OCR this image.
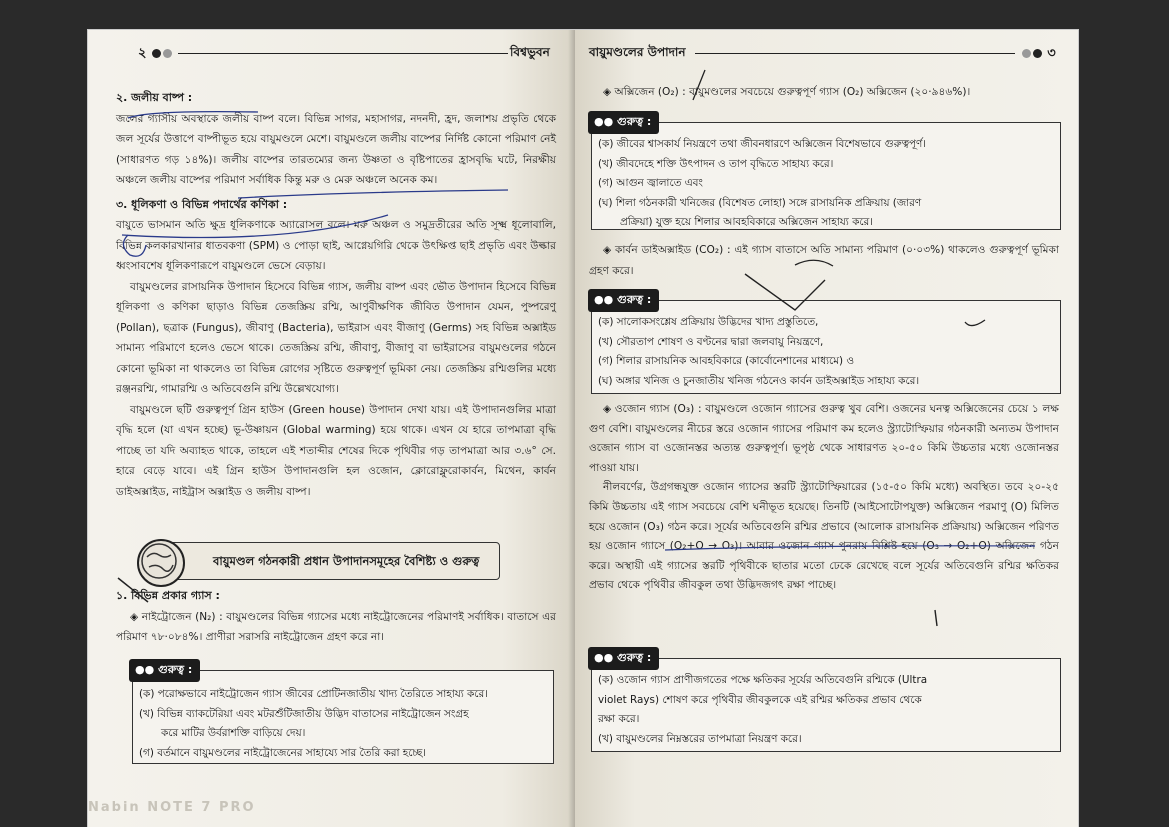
২	বিশ্বভুবন

২. জলীয় বাষ্প :

জলের গ্যাসীয় অবস্থাকে জলীয় বাষ্প বলে। বিভিন্ন সাগর, মহাসাগর, নদনদী, হ্রদ, জলাশয় প্রভৃতি থেকে জল সূর্যের উত্তাপে বাষ্পীভূত হয়ে বায়ুমণ্ডলে মেশে। বায়ুমণ্ডলে জলীয় বাষ্পের নির্দিষ্ট কোনো পরিমাণ নেই (সাধারণত গড় ১৪%)। জলীয় বাষ্পের তারতম্যের জন্য উষ্ণতা ও বৃষ্টিপাতের হ্রাসবৃদ্ধি ঘটে, নিরক্ষীয় অঞ্চলে জলীয় বাষ্পের পরিমাণ সর্বাধিক কিন্তু মরু ও মেরু অঞ্চলে অনেক কম।

৩. ধূলিকণা ও বিভিন্ন পদার্থের কণিকা :

বায়ুতে ভাসমান অতি ক্ষুদ্র ধূলিকণাকে অ্যারোসল বলে। মরু অঞ্চল ও সমুদ্রতীরের অতি সূক্ষ্ম ধূলোবালি, বিভিন্ন কলকারখানার ধাতবকণা (SPM) ও পোড়া ছাই, আগ্নেয়গিরি থেকে উৎক্ষিপ্ত ছাই প্রভৃতি এবং উল্কার ধ্বংসাবশেষ ধূলিকণারূপে বায়ুমণ্ডলে ভেসে বেড়ায়।

বায়ুমণ্ডলের রাসায়নিক উপাদান হিসেবে বিভিন্ন গ্যাস, জলীয় বাষ্প এবং ভৌত উপাদান হিসেবে বিভিন্ন ধূলিকণা ও কণিকা ছাড়াও বিভিন্ন তেজস্ক্রিয় রশ্মি, আণুবীক্ষণিক জীবিত উপাদান যেমন, পুষ্পরেণু (Pollan), ছত্রাক (Fungus), জীবাণু (Bacteria), ভাইরাস এবং বীজাণু (Germs) সহ বিভিন্ন অক্সাইড সামান্য পরিমাণে হলেও ভেসে থাকে। তেজস্ক্রিয় রশ্মি, জীবাণু, বীজাণু বা ভাইরাসের বায়ুমণ্ডলের গঠনে কোনো ভূমিকা না থাকলেও তা বিভিন্ন রোগের সৃষ্টিতে গুরুত্বপূর্ণ ভূমিকা নেয়। তেজস্ক্রিয় রশ্মিগুলির মধ্যে রঞ্জনরশ্মি, গামারশ্মি ও অতিবেগুনি রশ্মি উল্লেখযোগ্য।

বায়ুমণ্ডলে ছটি গুরুত্বপূর্ণ গ্রিন হাউস (Green house) উপাদান দেখা যায়। এই উপাদানগুলির মাত্রা বৃদ্ধি হলে (যা এখন হচ্ছে) ভূ-উষ্ণায়ন (Global warming) হয়ে থাকে। এখন যে হারে তাপমাত্রা বৃদ্ধি পাচ্ছে তা যদি অব্যাহত থাকে, তাহলে এই শতাব্দীর শেষের দিকে পৃথিবীর গড় তাপমাত্রা আর ৩.৬° সে. হারে বেড়ে যাবে। এই গ্রিন হাউস উপাদানগুলি হল ওজোন, ক্লোরোফ্লুরোকার্বন, মিথেন, কার্বন ডাইঅক্সাইড, নাইট্রাস অক্সাইড ও জলীয় বাষ্প।

বায়ুমণ্ডল গঠনকারী প্রধান উপাদানসমূহের বৈশিষ্ট্য ও গুরুত্ব

১. বিভিন্ন প্রকার গ্যাস :

◈ নাইট্রোজেন (N₂) : বায়ুমণ্ডলের বিভিন্ন গ্যাসের মধ্যে নাইট্রোজেনের পরিমাণই সর্বাধিক। বাতাসে এর পরিমাণ ৭৮·০৮৪%। প্রাণীরা সরাসরি নাইট্রোজেন গ্রহণ করে না।

●● গুরুত্ব :
(ক) পরোক্ষভাবে নাইট্রোজেন গ্যাস জীবের প্রোটিনজাতীয় খাদ্য তৈরিতে সাহায্য করে।
(খ) বিভিন্ন ব্যাকটেরিয়া এবং মটরশুঁটিজাতীয় উদ্ভিদ বাতাসের নাইট্রোজেন সংগ্রহ
করে মাটির উর্বরাশক্তি বাড়িয়ে দেয়।
(গ) বর্তমানে বায়ুমণ্ডলের নাইট্রোজেনের সাহায্যে সার তৈরি করা হচ্ছে।
Nabin NOTE 7 PRO
বায়ুমণ্ডলের উপাদান	৩

◈ অক্সিজেন (O₂) : বায়ুমণ্ডলের সবচেয়ে গুরুত্বপূর্ণ গ্যাস (O₂) অক্সিজেন (২০·৯৪৬%)।

●● গুরুত্ব :
(ক) জীবের শ্বাসকার্য নিয়ন্ত্রণে তথা জীবনধারণে অক্সিজেন বিশেষভাবে গুরুত্বপূর্ণ।
(খ) জীবদেহে শক্তি উৎপাদন ও তাপ বৃদ্ধিতে সাহায্য করে।
(গ) আগুন জ্বালাতে এবং
(ঘ) শিলা গঠনকারী খনিজের (বিশেষত লোহা) সঙ্গে রাসায়নিক প্রক্রিয়ায় (জারণ
প্রক্রিয়া) যুক্ত হয়ে শিলার আবহবিকারে অক্সিজেন সাহায্য করে।

◈ কার্বন ডাইঅক্সাইড (CO₂) : এই গ্যাস বাতাসে অতি সামান্য পরিমাণ (০·০৩%) থাকলেও গুরুত্বপূর্ণ ভূমিকা গ্রহণ করে।

●● গুরুত্ব :
(ক) সালোকসংশ্লেষ প্রক্রিয়ায় উদ্ভিদের খাদ্য প্রস্তুতিতে,
(খ) সৌরতাপ শোষণ ও বণ্টনের দ্বারা জলবায়ু নিয়ন্ত্রণে,
(গ) শিলার রাসায়নিক আবহবিকারে (কার্বোনেশানের মাধ্যমে) ও
(ঘ) অঙ্গার খনিজ ও চুনজাতীয় খনিজ গঠনেও কার্বন ডাইঅক্সাইড সাহায্য করে।

◈ ওজোন গ্যাস (O₃) : বায়ুমণ্ডলে ওজোন গ্যাসের গুরুত্ব খুব বেশি। ওজনের ঘনত্ব অক্সিজেনের চেয়ে ১ লক্ষ গুণ বেশি। বায়ুমণ্ডলের নীচের স্তরে ওজোন গ্যাসের পরিমাণ কম হলেও স্ট্র্যাটোস্ফিয়ার গঠনকারী অন্যতম উপাদান ওজোন গ্যাস বা ওজোনস্তর অত্যন্ত গুরুত্বপূর্ণ। ভূপৃষ্ঠ থেকে সাধারণত ২০-৫০ কিমি উচ্চতার মধ্যে ওজোনস্তর পাওয়া যায়।

নীলবর্ণের, উগ্রগন্ধযুক্ত ওজোন গ্যাসের স্তরটি স্ট্র্যাটোস্ফিয়ারের (১৫-৫০ কিমি মধ্যে) অবস্থিত। তবে ২০-২৫ কিমি উচ্চতায় এই গ্যাস সবচেয়ে বেশি ঘনীভূত হয়েছে। তিনটি (আইসোটোপযুক্ত) অক্সিজেন পরমাণু (O) মিলিত হয়ে ওজোন (O₃) গঠন করে। সূর্যের অতিবেগুনি রশ্মির প্রভাবে (আলোক রাসায়নিক প্রক্রিয়ায়) অক্সিজেন পরিণত হয় ওজোন গ্যাসে (O₂+O → O₃)। আবার ওজোন গ্যাস পুনরায় বিশ্লিষ্ট হয়ে (O₃ → O₂+O) অক্সিজেন গঠন করে। অস্থায়ী এই গ্যাসের স্তরটি পৃথিবীকে ছাতার মতো ঢেকে রেখেছে বলে সূর্যের অতিবেগুনি রশ্মির ক্ষতিকর প্রভাব থেকে পৃথিবীর জীবকুল তথা উদ্ভিদজগৎ রক্ষা পাচ্ছে।

●● গুরুত্ব :
(ক) ওজোন গ্যাস প্রাণীজগতের পক্ষে ক্ষতিকর সূর্যের অতিবেগুনি রশ্মিকে (Ultra
violet Rays) শোষণ করে পৃথিবীর জীবকুলকে এই রশ্মির ক্ষতিকর প্রভাব থেকে
রক্ষা করে।
(খ) বায়ুমণ্ডলের নিম্নস্তরের তাপমাত্রা নিয়ন্ত্রণ করে।
